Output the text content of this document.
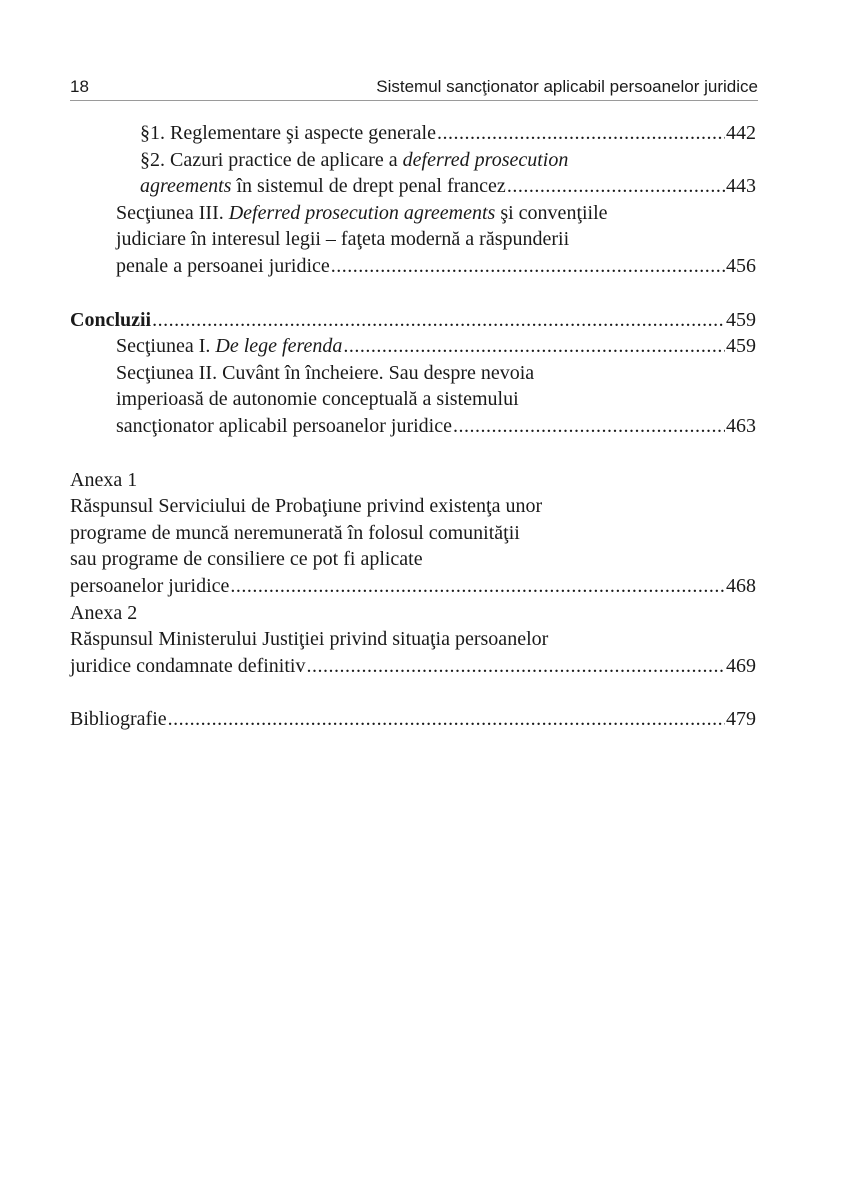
18	Sistemul sancţionator aplicabil persoanelor juridice
§1. Reglementare şi aspecte generale .....	442
§2. Cazuri practice de aplicare a deferred prosecution
agreements în sistemul de drept penal francez .....	443
Secţiunea III. Deferred prosecution agreements şi convenţiile
judiciare în interesul legii – faţeta modernă a răspunderii
penale a persoanei juridice .....	456
Concluzii .....	459
Secţiunea I. De lege ferenda .....	459
Secţiunea II. Cuvânt în încheiere. Sau despre nevoia
imperioasă de autonomie conceptuală a sistemului
sancţionator aplicabil persoanelor juridice .....	463
Anexa 1
Răspunsul Serviciului de Probaţiune privind existenţa unor
programe de muncă neremunerată în folosul comunităţii
sau programe de consiliere ce pot fi aplicate
persoanelor juridice .....	468
Anexa 2
Răspunsul Ministerului Justiţiei privind situaţia persoanelor
juridice condamnate definitiv .....	469
Bibliografie .....	479
